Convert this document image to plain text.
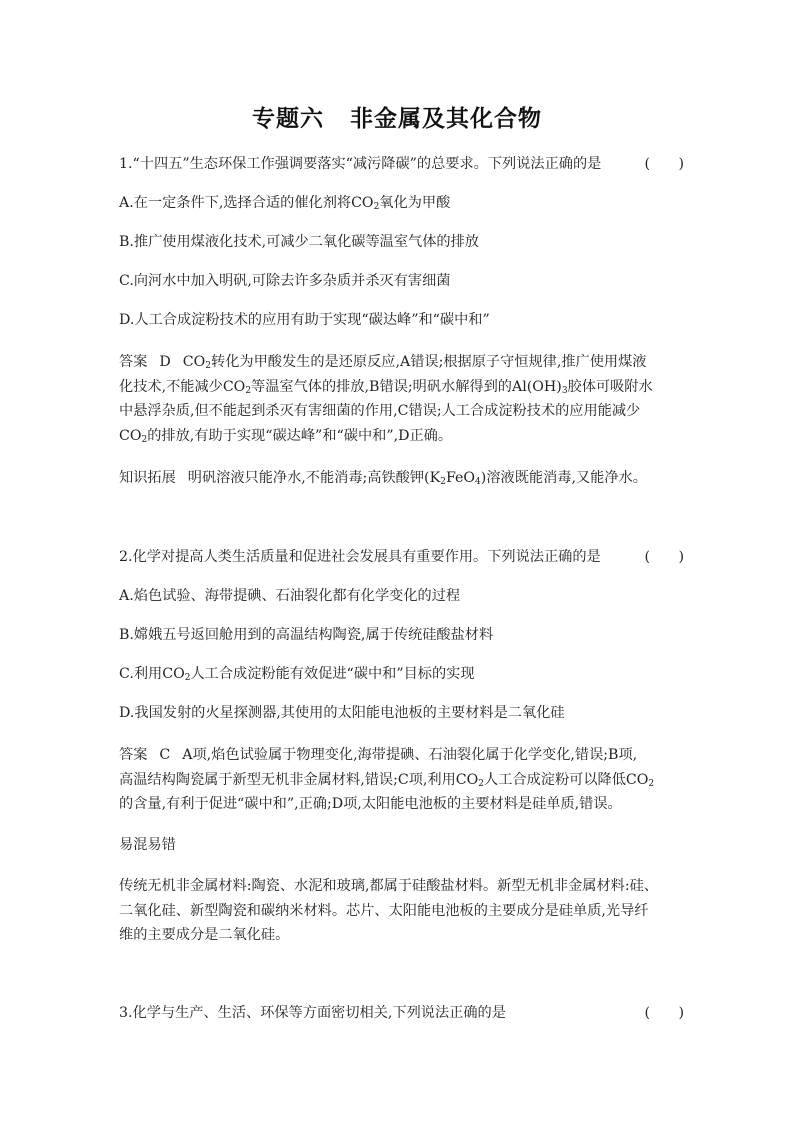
专题六 非金属及其化合物
1.“十四五”生态环保工作强调要落实“减污降碳”的总要求。下列说法正确的是	(　　)
A.在一定条件下,选择合适的催化剂将$CO_2$氧化为甲酸
B.推广使用煤液化技术,可减少二氧化碳等温室气体的排放
C.向河水中加入明矾,可除去许多杂质并杀灭有害细菌
D.人工合成淀粉技术的应用有助于实现“碳达峰”和“碳中和”
答案 D $CO_2$转化为甲酸发生的是还原反应,A错误;根据原子守恒规律,推广使用煤液
化技术,不能减少$CO_2$等温室气体的排放,B错误;明矾水解得到的$Al(OH)_3$胶体可吸附水
中悬浮杂质,但不能起到杀灭有害细菌的作用,C错误;人工合成淀粉技术的应用能减少
$CO_2$的排放,有助于实现“碳达峰”和“碳中和”,D正确。
知识拓展 明矾溶液只能净水,不能消毒;高铁酸钾$(K_2FeO_4)$溶液既能消毒,又能净水。
2.化学对提高人类生活质量和促进社会发展具有重要作用。下列说法正确的是	(　　)
A.焰色试验、海带提碘、石油裂化都有化学变化的过程
B.嫦娥五号返回舱用到的高温结构陶瓷,属于传统硅酸盐材料
C.利用$CO_2$人工合成淀粉能有效促进“碳中和”目标的实现
D.我国发射的火星探测器,其使用的太阳能电池板的主要材料是二氧化硅
答案 C A项,焰色试验属于物理变化,海带提碘、石油裂化属于化学变化,错误;B项,
高温结构陶瓷属于新型无机非金属材料,错误;C项,利用$CO_2$人工合成淀粉可以降低$CO_2$
的含量,有利于促进“碳中和”,正确;D项,太阳能电池板的主要材料是硅单质,错误。
易混易错
传统无机非金属材料:陶瓷、水泥和玻璃,都属于硅酸盐材料。新型无机非金属材料:硅、
二氧化硅、新型陶瓷和碳纳米材料。芯片、太阳能电池板的主要成分是硅单质,光导纤
维的主要成分是二氧化硅。
3.化学与生产、生活、环保等方面密切相关,下列说法正确的是	(　　)
